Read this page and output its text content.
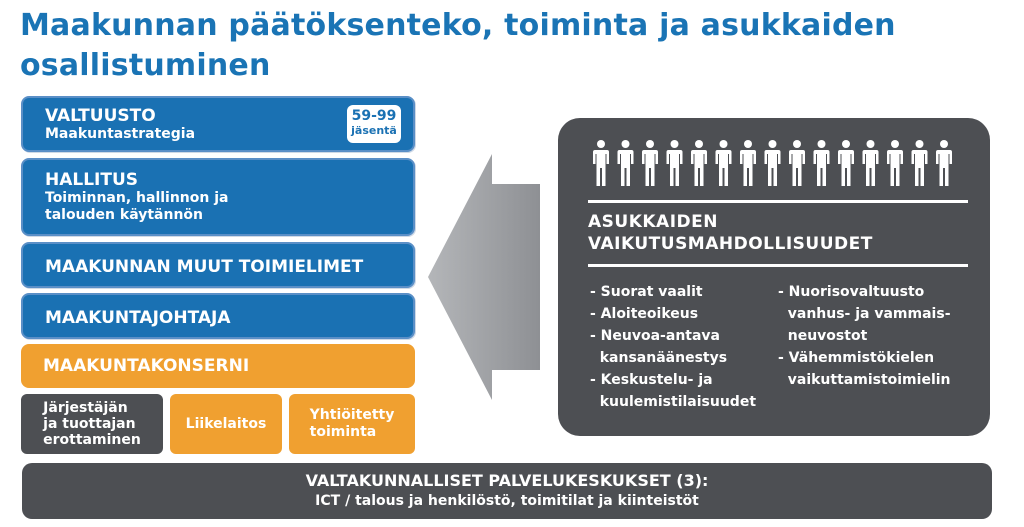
Maakunnan päätöksenteko, toiminta ja asukkaiden osallistuminen
VALTUUSTO
Maakuntastrategia
59-99
jäsentä
HALLITUS
Toiminnan, hallinnon ja
talouden käytännön
MAAKUNNAN MUUT TOIMIELIMET
MAAKUNTAJOHTAJA
MAAKUNTAKONSERNI
Järjestäjän
ja tuottajan
erottaminen
Liikelaitos
Yhtiöitetty
toiminta
ASUKKAIDEN
VAIKUTUSMAHDOLLISUUDET
- Suorat vaalit
- Aloiteoikeus
- Neuvoa-antava
kansanäänestys
- Keskustelu- ja
kuulemistilaisuudet
- Nuorisovaltuusto
vanhus- ja vammais-
neuvostot
- Vähemmistökielen
vaikuttamistoimielin
VALTAKUNNALLISET PALVELUKESKUKSET (3):
ICT / talous ja henkilöstö, toimitilat ja kiinteistöt
